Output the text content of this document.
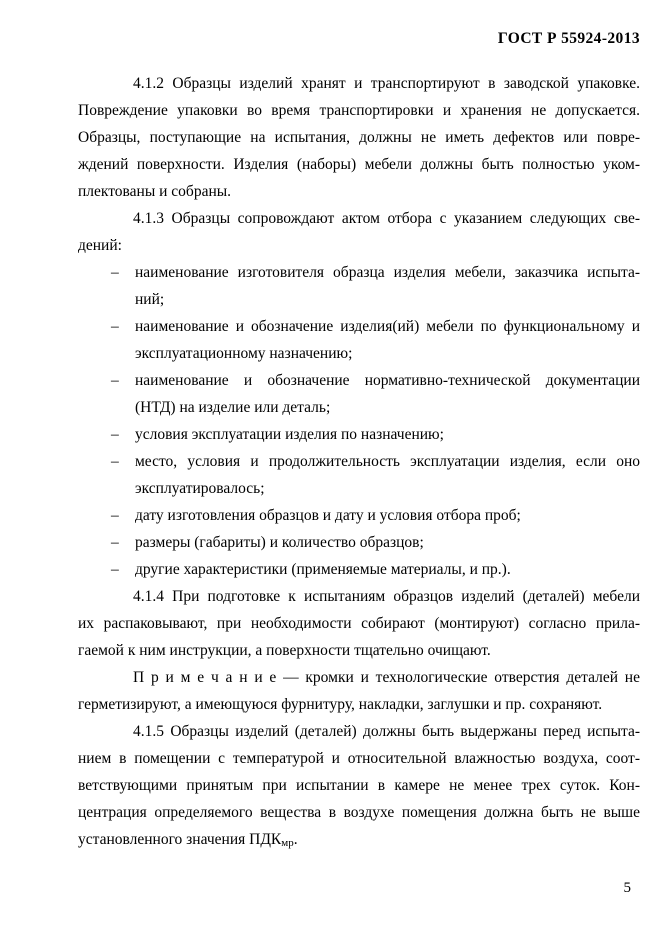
ГОСТ Р 55924-2013
4.1.2 Образцы изделий хранят и транспортируют в заводской упаковке.
Повреждение упаковки во время транспортировки и хранения не допускается.
Образцы, поступающие на испытания, должны не иметь дефектов или повре-
ждений поверхности. Изделия (наборы) мебели должны быть полностью уком-
плектованы и собраны.
4.1.3 Образцы сопровождают актом отбора с указанием следующих све-
дений:
– наименование изготовителя образца изделия мебели, заказчика испыта-
ний;
– наименование и обозначение изделия(ий) мебели по функциональному и
эксплуатационному назначению;
– наименование и обозначение нормативно-технической документации
(НТД) на изделие или деталь;
– условия эксплуатации изделия по назначению;
– место, условия и продолжительность эксплуатации изделия, если оно
эксплуатировалось;
– дату изготовления образцов и дату и условия отбора проб;
– размеры (габариты) и количество образцов;
– другие характеристики (применяемые материалы, и пр.).
4.1.4 При подготовке к испытаниям образцов изделий (деталей) мебели
их распаковывают, при необходимости собирают (монтируют) согласно прила-
гаемой к ним инструкции, а поверхности тщательно очищают.
П р и м е ч а н и е — кромки и технологические отверстия деталей не
герметизируют, а имеющуюся фурнитуру, накладки, заглушки и пр. сохраняют.
4.1.5 Образцы изделий (деталей) должны быть выдержаны перед испыта-
нием в помещении с температурой и относительной влажностью воздуха, соот-
ветствующими принятым при испытании в камере не менее трех суток. Кон-
центрация определяемого вещества в воздухе помещения должна быть не выше
установленного значения $ПДК_{мр}$.
5
